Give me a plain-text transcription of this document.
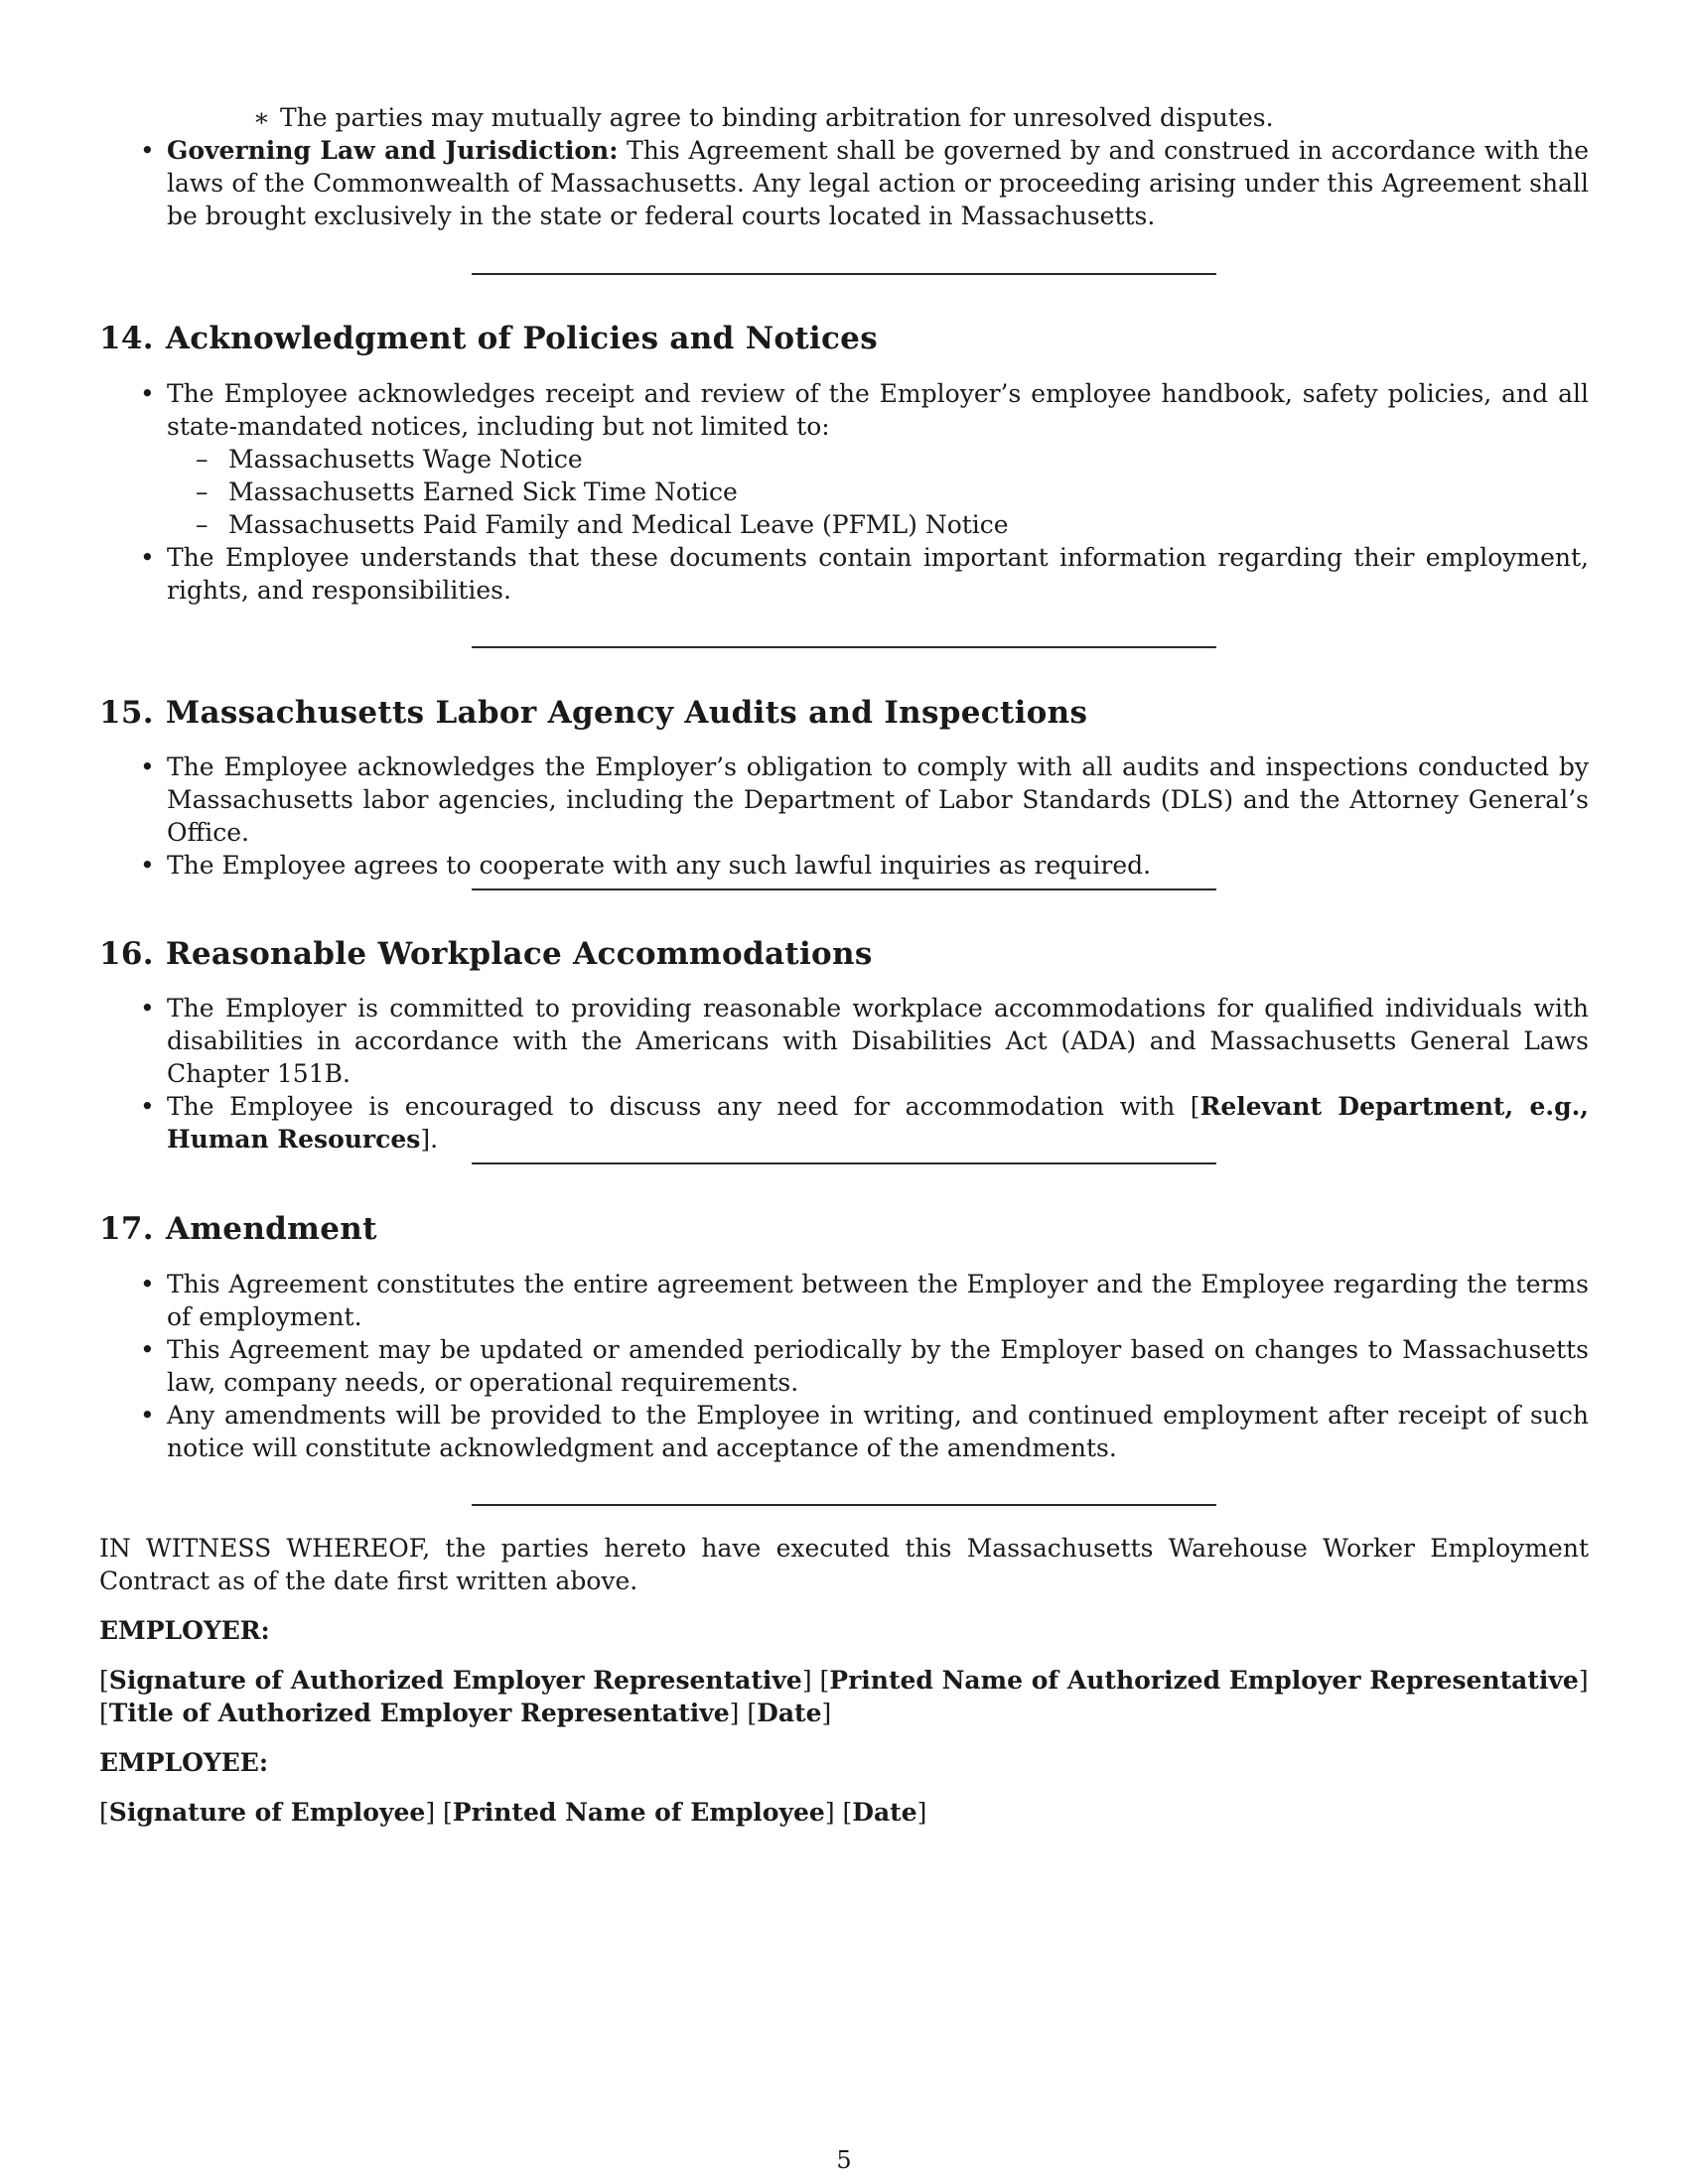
∗ The parties may mutually agree to binding arbitration for unresolved disputes.
• Governing Law and Jurisdiction: This Agreement shall be governed by and construed in accordance with the laws of the Commonwealth of Massachusetts. Any legal action or proceeding arising under this Agreement shall be brought exclusively in the state or federal courts located in Massachusetts.
14. Acknowledgment of Policies and Notices
• The Employee acknowledges receipt and review of the Employer’s employee handbook, safety policies, and all state-mandated notices, including but not limited to:
– Massachusetts Wage Notice
– Massachusetts Earned Sick Time Notice
– Massachusetts Paid Family and Medical Leave (PFML) Notice
• The Employee understands that these documents contain important information regarding their employment, rights, and responsibilities.
15. Massachusetts Labor Agency Audits and Inspections
• The Employee acknowledges the Employer’s obligation to comply with all audits and inspections conducted by Massachusetts labor agencies, including the Department of Labor Standards (DLS) and the Attorney General’s Office.
• The Employee agrees to cooperate with any such lawful inquiries as required.
16. Reasonable Workplace Accommodations
• The Employer is committed to providing reasonable workplace accommodations for qualified individuals with disabilities in accordance with the Americans with Disabilities Act (ADA) and Massachusetts General Laws Chapter 151B.
• The Employee is encouraged to discuss any need for accommodation with [Relevant Department, e.g., Human Resources].
17. Amendment
• This Agreement constitutes the entire agreement between the Employer and the Employee regarding the terms of employment.
• This Agreement may be updated or amended periodically by the Employer based on changes to Massachusetts law, company needs, or operational requirements.
• Any amendments will be provided to the Employee in writing, and continued employment after receipt of such notice will constitute acknowledgment and acceptance of the amendments.
IN WITNESS WHEREOF, the parties hereto have executed this Massachusetts Warehouse Worker Employment Contract as of the date first written above.
EMPLOYER:
[Signature of Authorized Employer Representative] [Printed Name of Authorized Employer Representative]
[Title of Authorized Employer Representative] [Date]
EMPLOYEE:
[Signature of Employee] [Printed Name of Employee] [Date]
5
